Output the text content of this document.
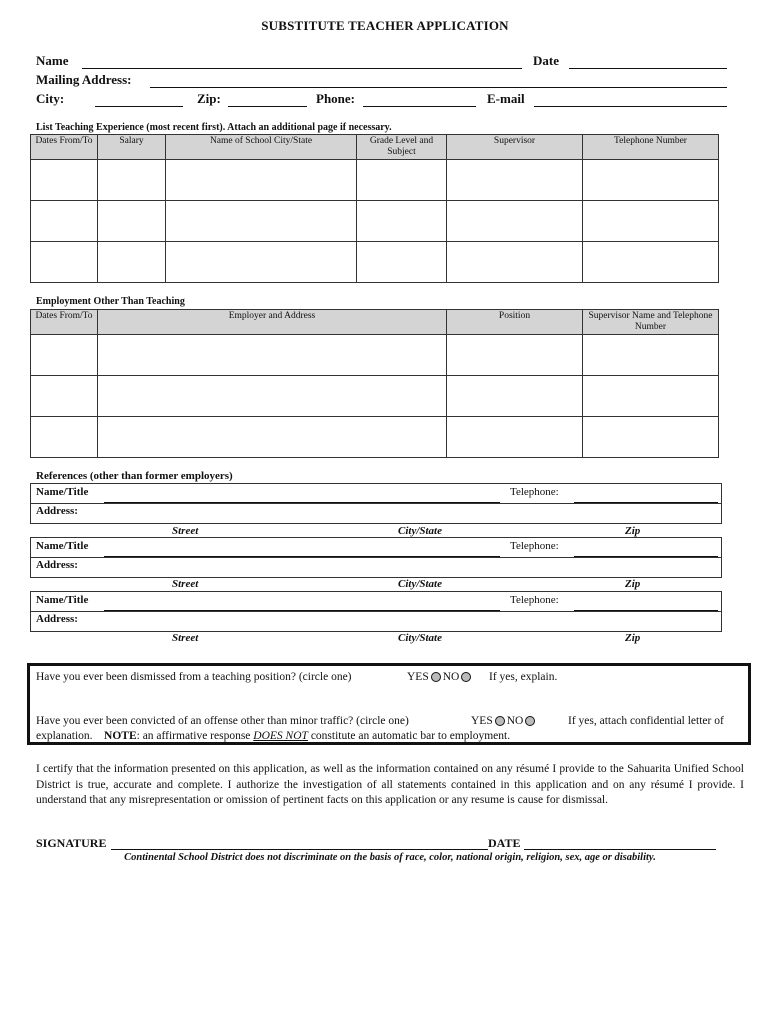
SUBSTITUTE TEACHER APPLICATION
Name	Date
Mailing Address:
City:	Zip:	Phone:	E-mail
List Teaching Experience (most recent first). Attach an additional page if necessary.
Dates From/To	Salary	Name of School City/State	Grade Level and Subject	Supervisor	Telephone Number

Employment Other Than Teaching
Dates From/To	Employer and Address	Position	Supervisor Name and Telephone Number

References (other than former employers)
Name/Title	Telephone:
Address:
Street	City/State	Zip
Name/Title	Telephone:
Address:
Street	City/State	Zip
Name/Title	Telephone:
Address:
Street	City/State	Zip
Have you ever been dismissed from a teaching position? (circle one)	YES NO	If yes, explain.
Have you ever been convicted of an offense other than minor traffic? (circle one)	YES NO	If yes, attach confidential letter of
explanation. NOTE: an affirmative response DOES NOT constitute an automatic bar to employment.
I certify that the information presented on this application, as well as the information contained on any résumé I provide to the Sahuarita Unified School District is true, accurate and complete. I authorize the investigation of all statements contained in this application and on any résumé I provide. I understand that any misrepresentation or omission of pertinent facts on this application or any resume is cause for dismissal.
SIGNATURE	DATE
Continental School District does not discriminate on the basis of race, color, national origin, religion, sex, age or disability.
